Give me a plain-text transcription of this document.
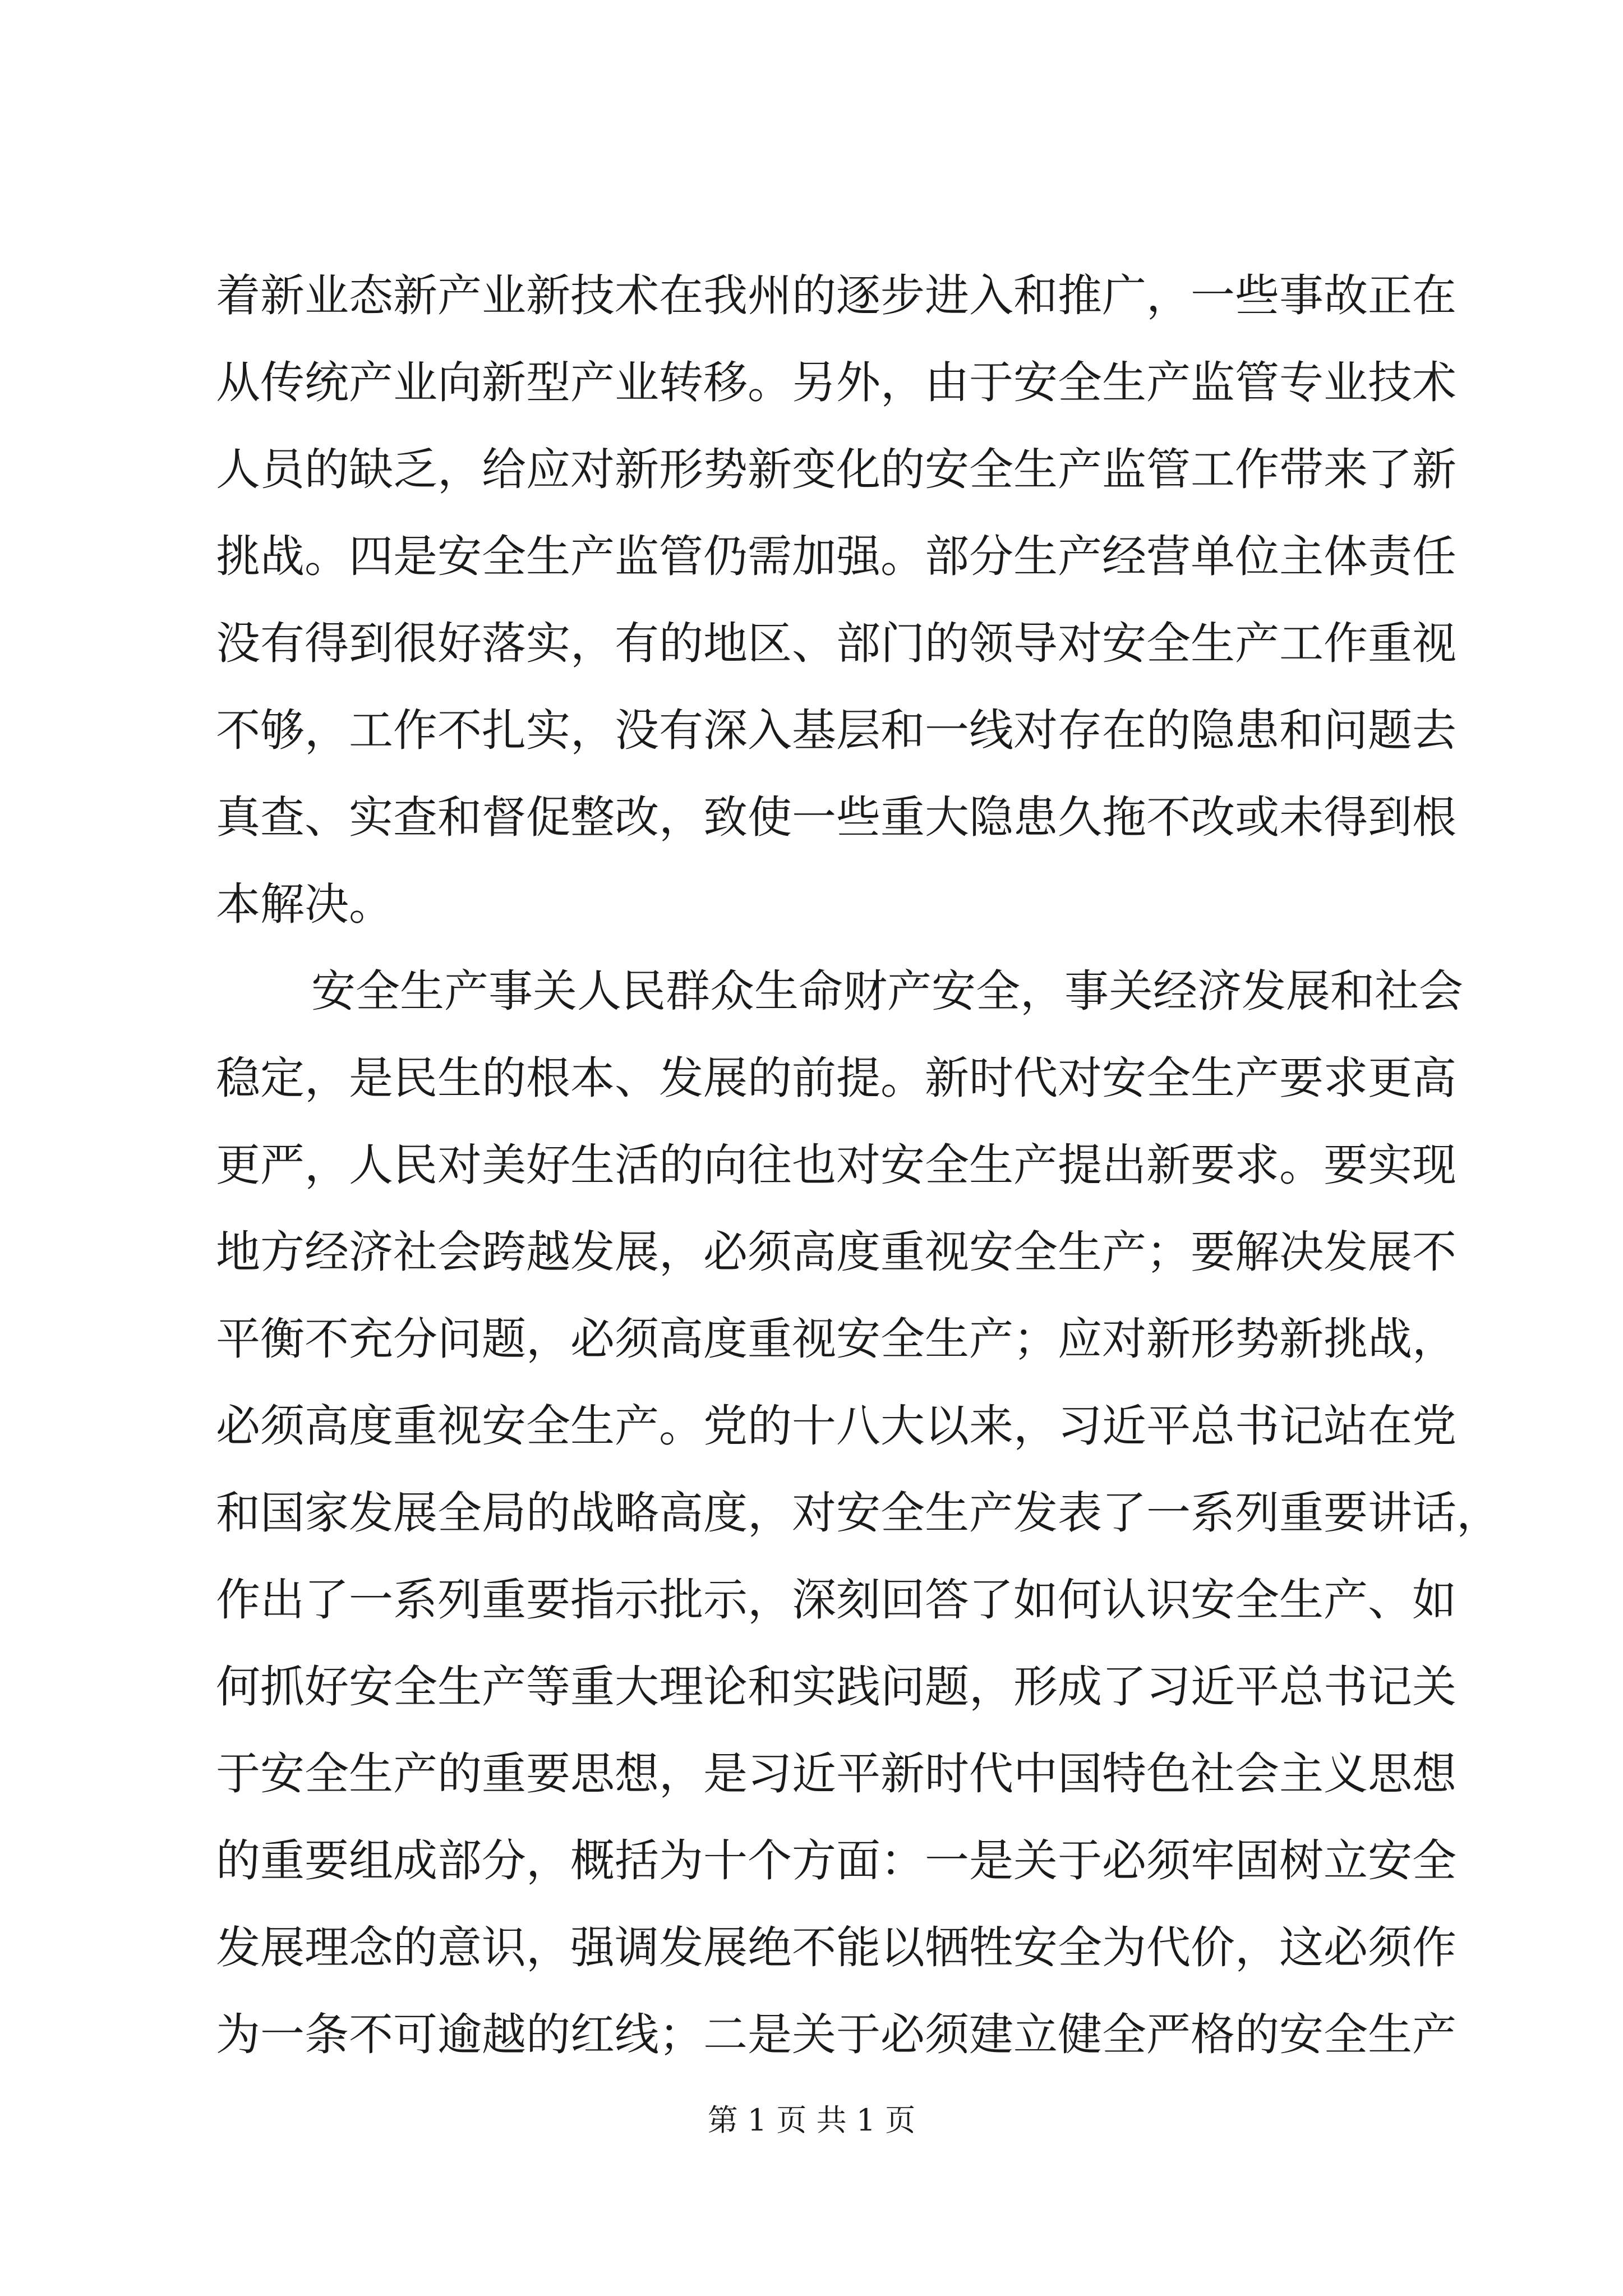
着新业态新产业新技术在我州的逐步进入和推广，一些事故正在
从传统产业向新型产业转移。另外，由于安全生产监管专业技术
人员的缺乏，给应对新形势新变化的安全生产监管工作带来了新
挑战。四是安全生产监管仍需加强。部分生产经营单位主体责任
没有得到很好落实，有的地区、部门的领导对安全生产工作重视
不够，工作不扎实，没有深入基层和一线对存在的隐患和问题去
真查、实查和督促整改，致使一些重大隐患久拖不改或未得到根
本解决。
安全生产事关人民群众生命财产安全，事关经济发展和社会
稳定，是民生的根本、发展的前提。新时代对安全生产要求更高
更严，人民对美好生活的向往也对安全生产提出新要求。要实现
地方经济社会跨越发展，必须高度重视安全生产；要解决发展不
平衡不充分问题，必须高度重视安全生产；应对新形势新挑战，
必须高度重视安全生产。党的十八大以来，习近平总书记站在党
和国家发展全局的战略高度，对安全生产发表了一系列重要讲话，
作出了一系列重要指示批示，深刻回答了如何认识安全生产、如
何抓好安全生产等重大理论和实践问题，形成了习近平总书记关
于安全生产的重要思想，是习近平新时代中国特色社会主义思想
的重要组成部分，概括为十个方面：一是关于必须牢固树立安全
发展理念的意识，强调发展绝不能以牺牲安全为代价，这必须作
为一条不可逾越的红线；二是关于必须建立健全严格的安全生产
第 1 页 共 1 页
